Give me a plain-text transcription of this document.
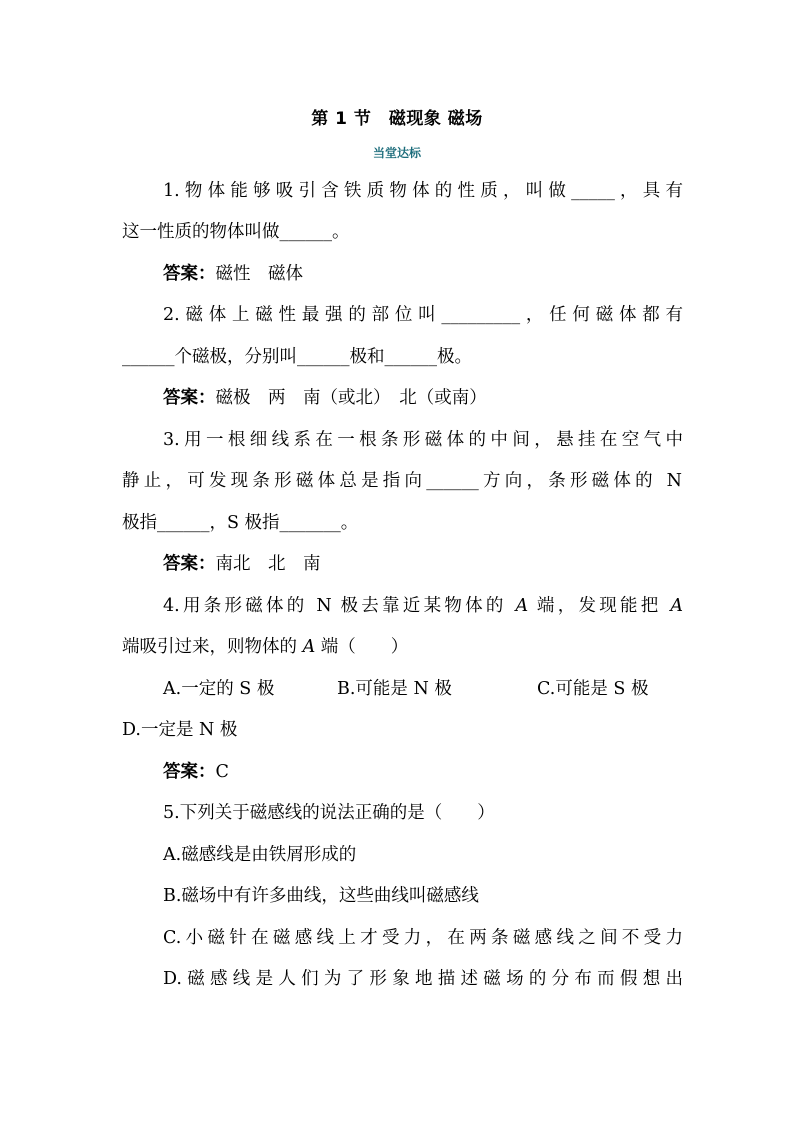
第 1 节　磁现象 磁场
当堂达标
1.物体能够吸引含铁质物体的性质，叫做_____，具有
这一性质的物体叫做______。
答案：磁性　磁体
2.磁体上磁性最强的部位叫_________，任何磁体都有
______个磁极，分别叫______极和______极。
答案：磁极　两　南（或北）　北（或南）
3.用一根细线系在一根条形磁体的中间，悬挂在空气中
静止，可发现条形磁体总是指向______方向，条形磁体的 N
极指______，S 极指_______。
答案：南北　北　南
4.用条形磁体的 N 极去靠近某物体的 A 端，发现能把 A
端吸引过来，则物体的 A 端（　　）
A.一定的 S 极	B.可能是 N 极	C.可能是 S 极
D.一定是 N 极
答案：C
5.下列关于磁感线的说法正确的是（　　）
A.磁感线是由铁屑形成的
B.磁场中有许多曲线，这些曲线叫磁感线
C.小磁针在磁感线上才受力，在两条磁感线之间不受力
D.磁感线是人们为了形象地描述磁场的分布而假想出
